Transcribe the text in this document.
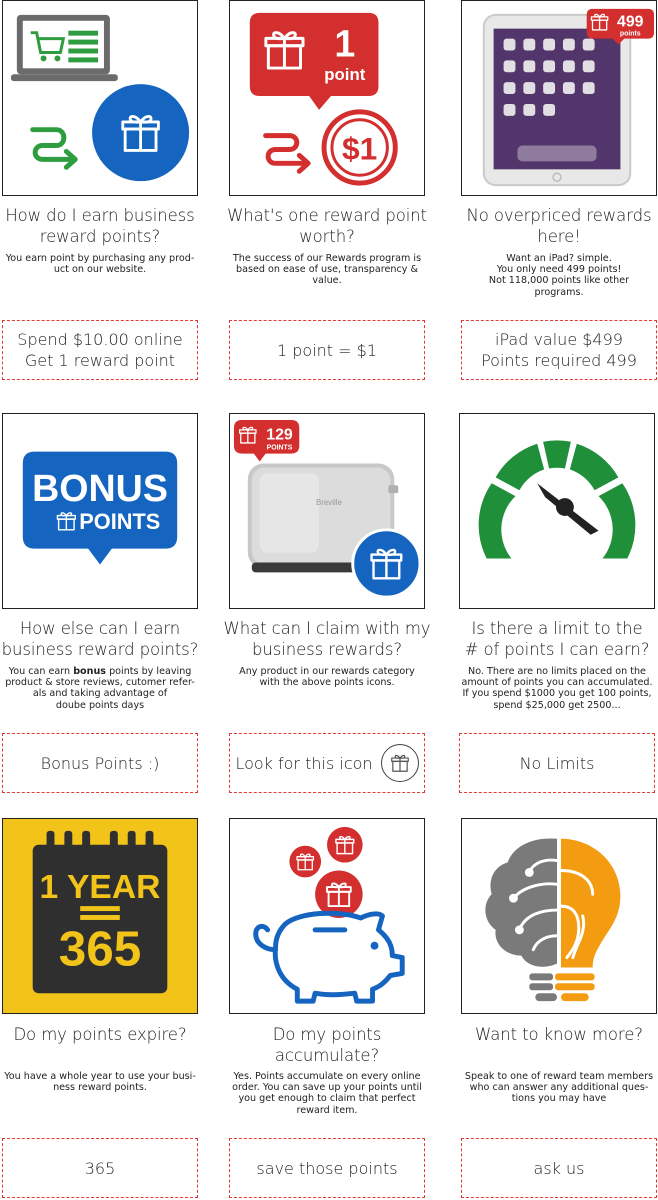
How do I earn business
reward points?
You earn point by purchasing any prod-
uct on our website.
Spend $10.00 online
Get 1 reward point
1
point
$1
What's one reward point
worth?
The success of our Rewards program is
based on ease of use, transparency &
value.
1 point = $1
499
points
No overpriced rewards
here!
Want an iPad? simple.
You only need 499 points!
Not 118,000 points like other
programs.
iPad value $499
Points required 499
BONUS
POINTS
How else can I earn
business reward points?
You can earn bonus points by leaving
product & store reviews, cutomer refer-
als and taking advantage of
doube points days
Bonus Points :)
Breville
129
POINTS
What can I claim with my
business rewards?
Any product in our rewards category
with the above points icons.
Look for this icon
Is there a limit to the
# of points I can earn?
No. There are no limits placed on the
amount of points you can accumulated.
If you spend $1000 you get 100 points,
spend $25,000 get 2500...
No Limits
1 YEAR
365
Do my points expire?
You have a whole year to use your busi-
ness reward points.
365
Do my points accumulate?
Yes. Points accumulate on every online
order. You can save up your points until
you get enough to claim that perfect
reward item.
save those points
Want to know more?
Speak to one of reward team members
who can answer any additional ques-
tions you may have
ask us
